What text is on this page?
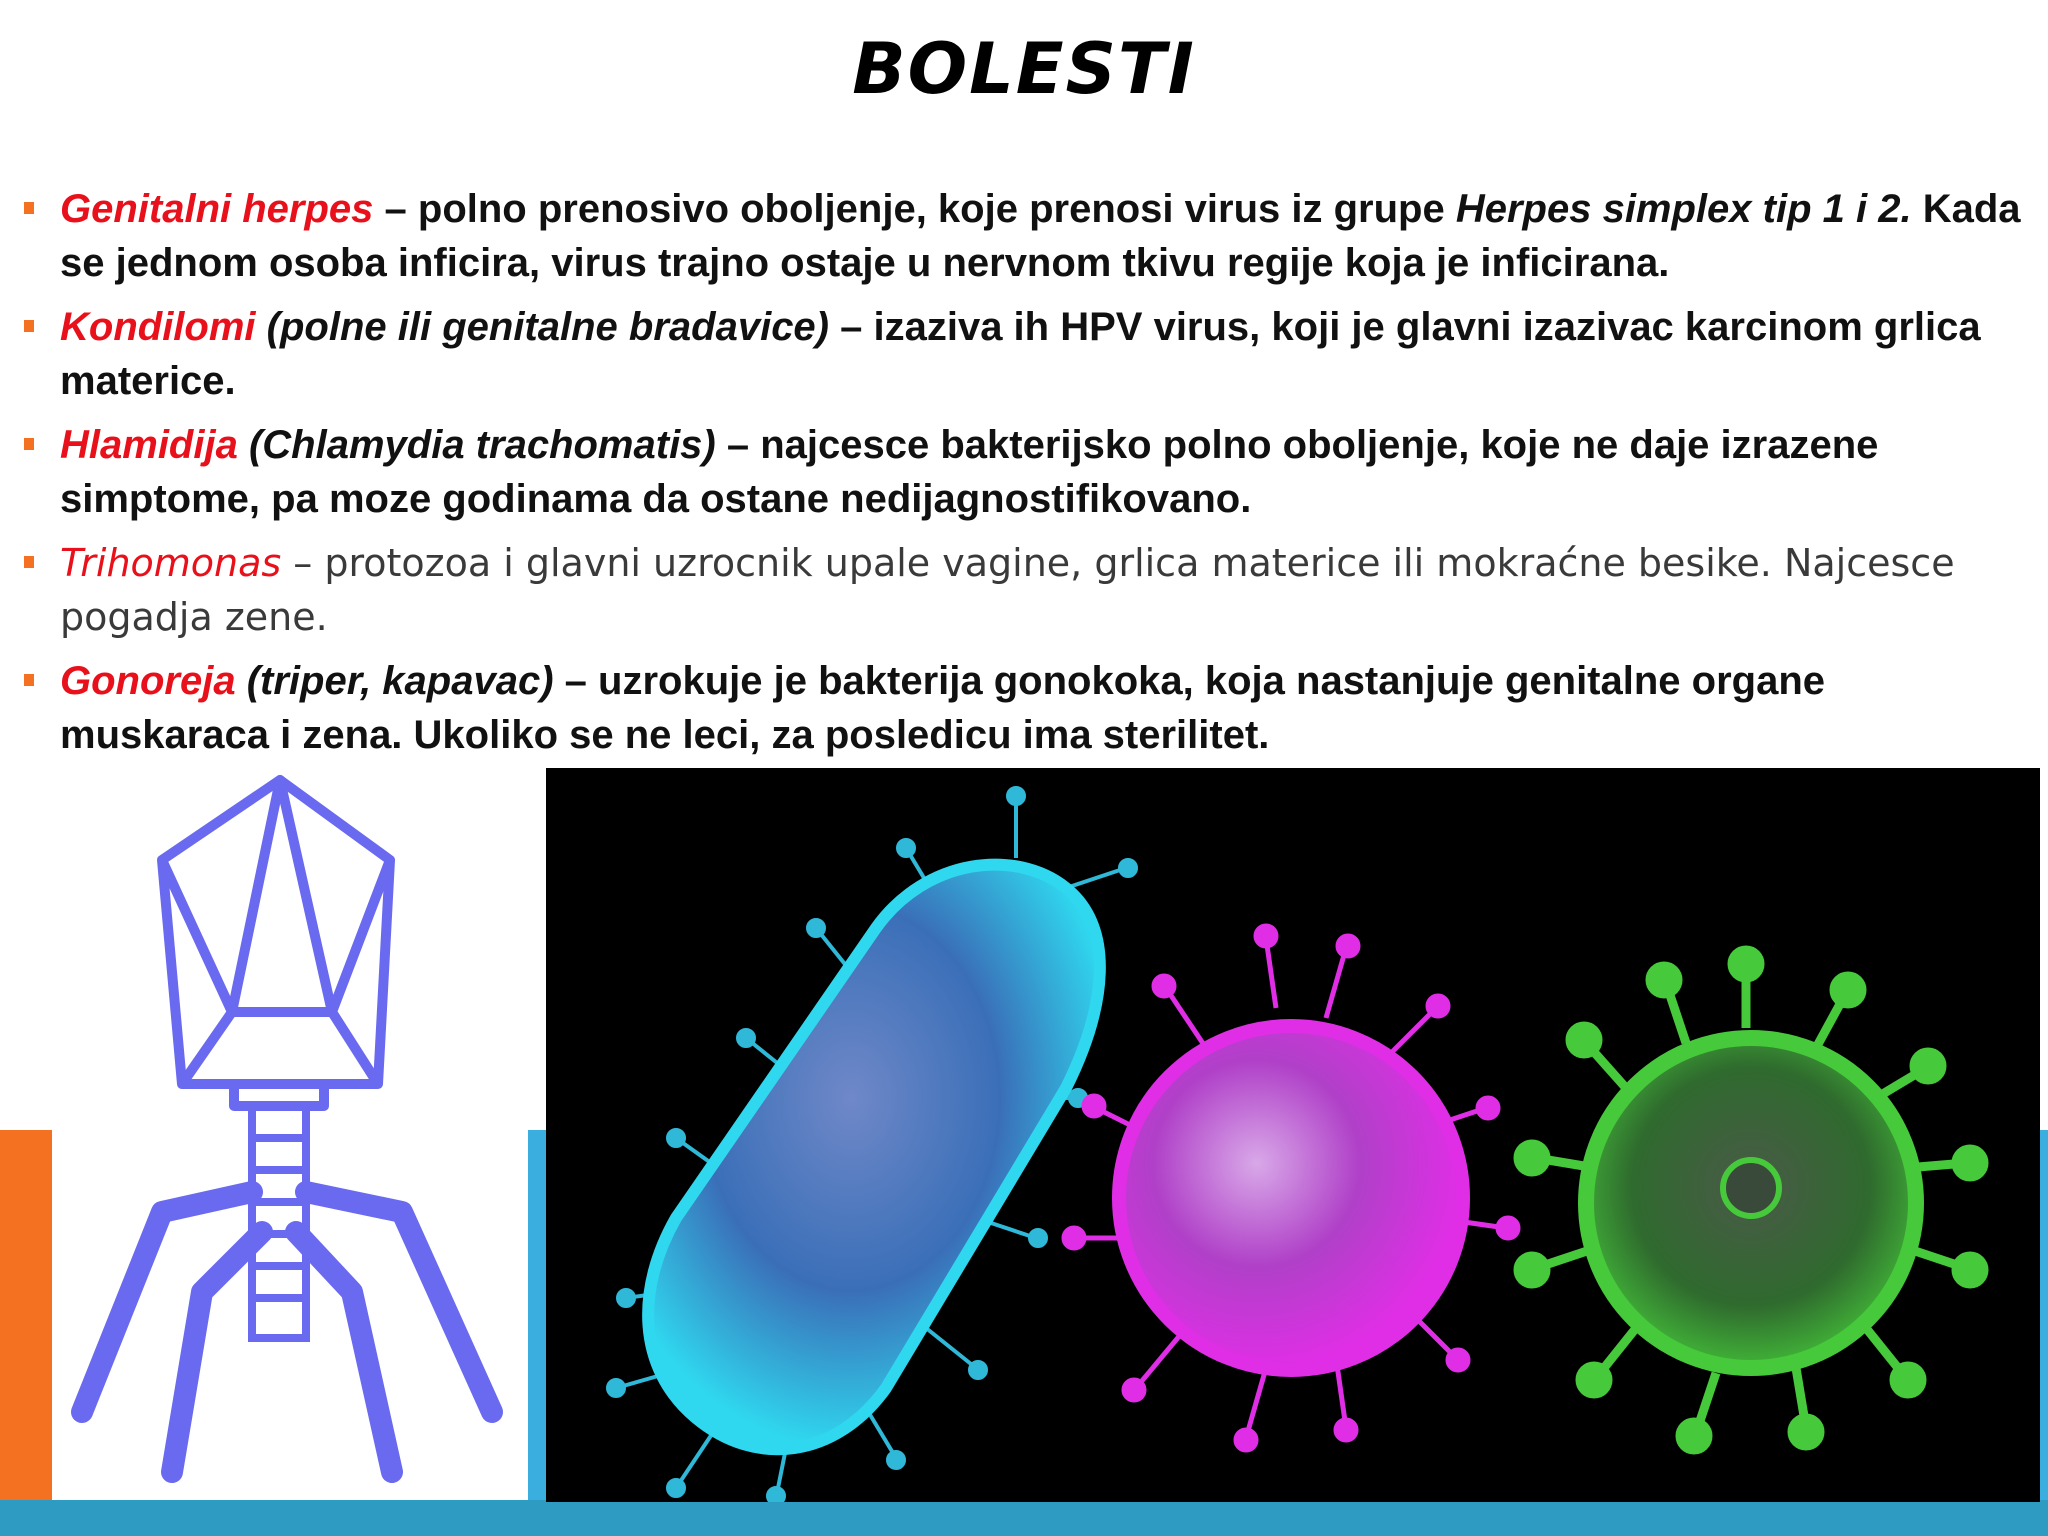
BOLESTI
Genitalni herpes – polno prenosivo oboljenje, koje prenosi virus iz grupe Herpes simplex tip 1 i 2. Kada se jednom osoba inficira, virus trajno ostaje u nervnom tkivu regije koja je inficirana.
Kondilomi (polne ili genitalne bradavice) – izaziva ih HPV virus, koji je glavni izazivac karcinom grlica materice.
Hlamidija (Chlamydia trachomatis) – najcesce bakterijsko polno oboljenje, koje ne daje izrazene simptome, pa moze godinama da ostane nedijagnostifikovano.
Trihomonas – protozoa i glavni uzrocnik upale vagine, grlica materice ili mokraćne besike. Najcesce pogadja zene.
Gonoreja (triper, kapavac) – uzrokuje je bakterija gonokoka, koja nastanjuje genitalne organe muskaraca i zena. Ukoliko se ne leci, za posledicu ima sterilitet.
